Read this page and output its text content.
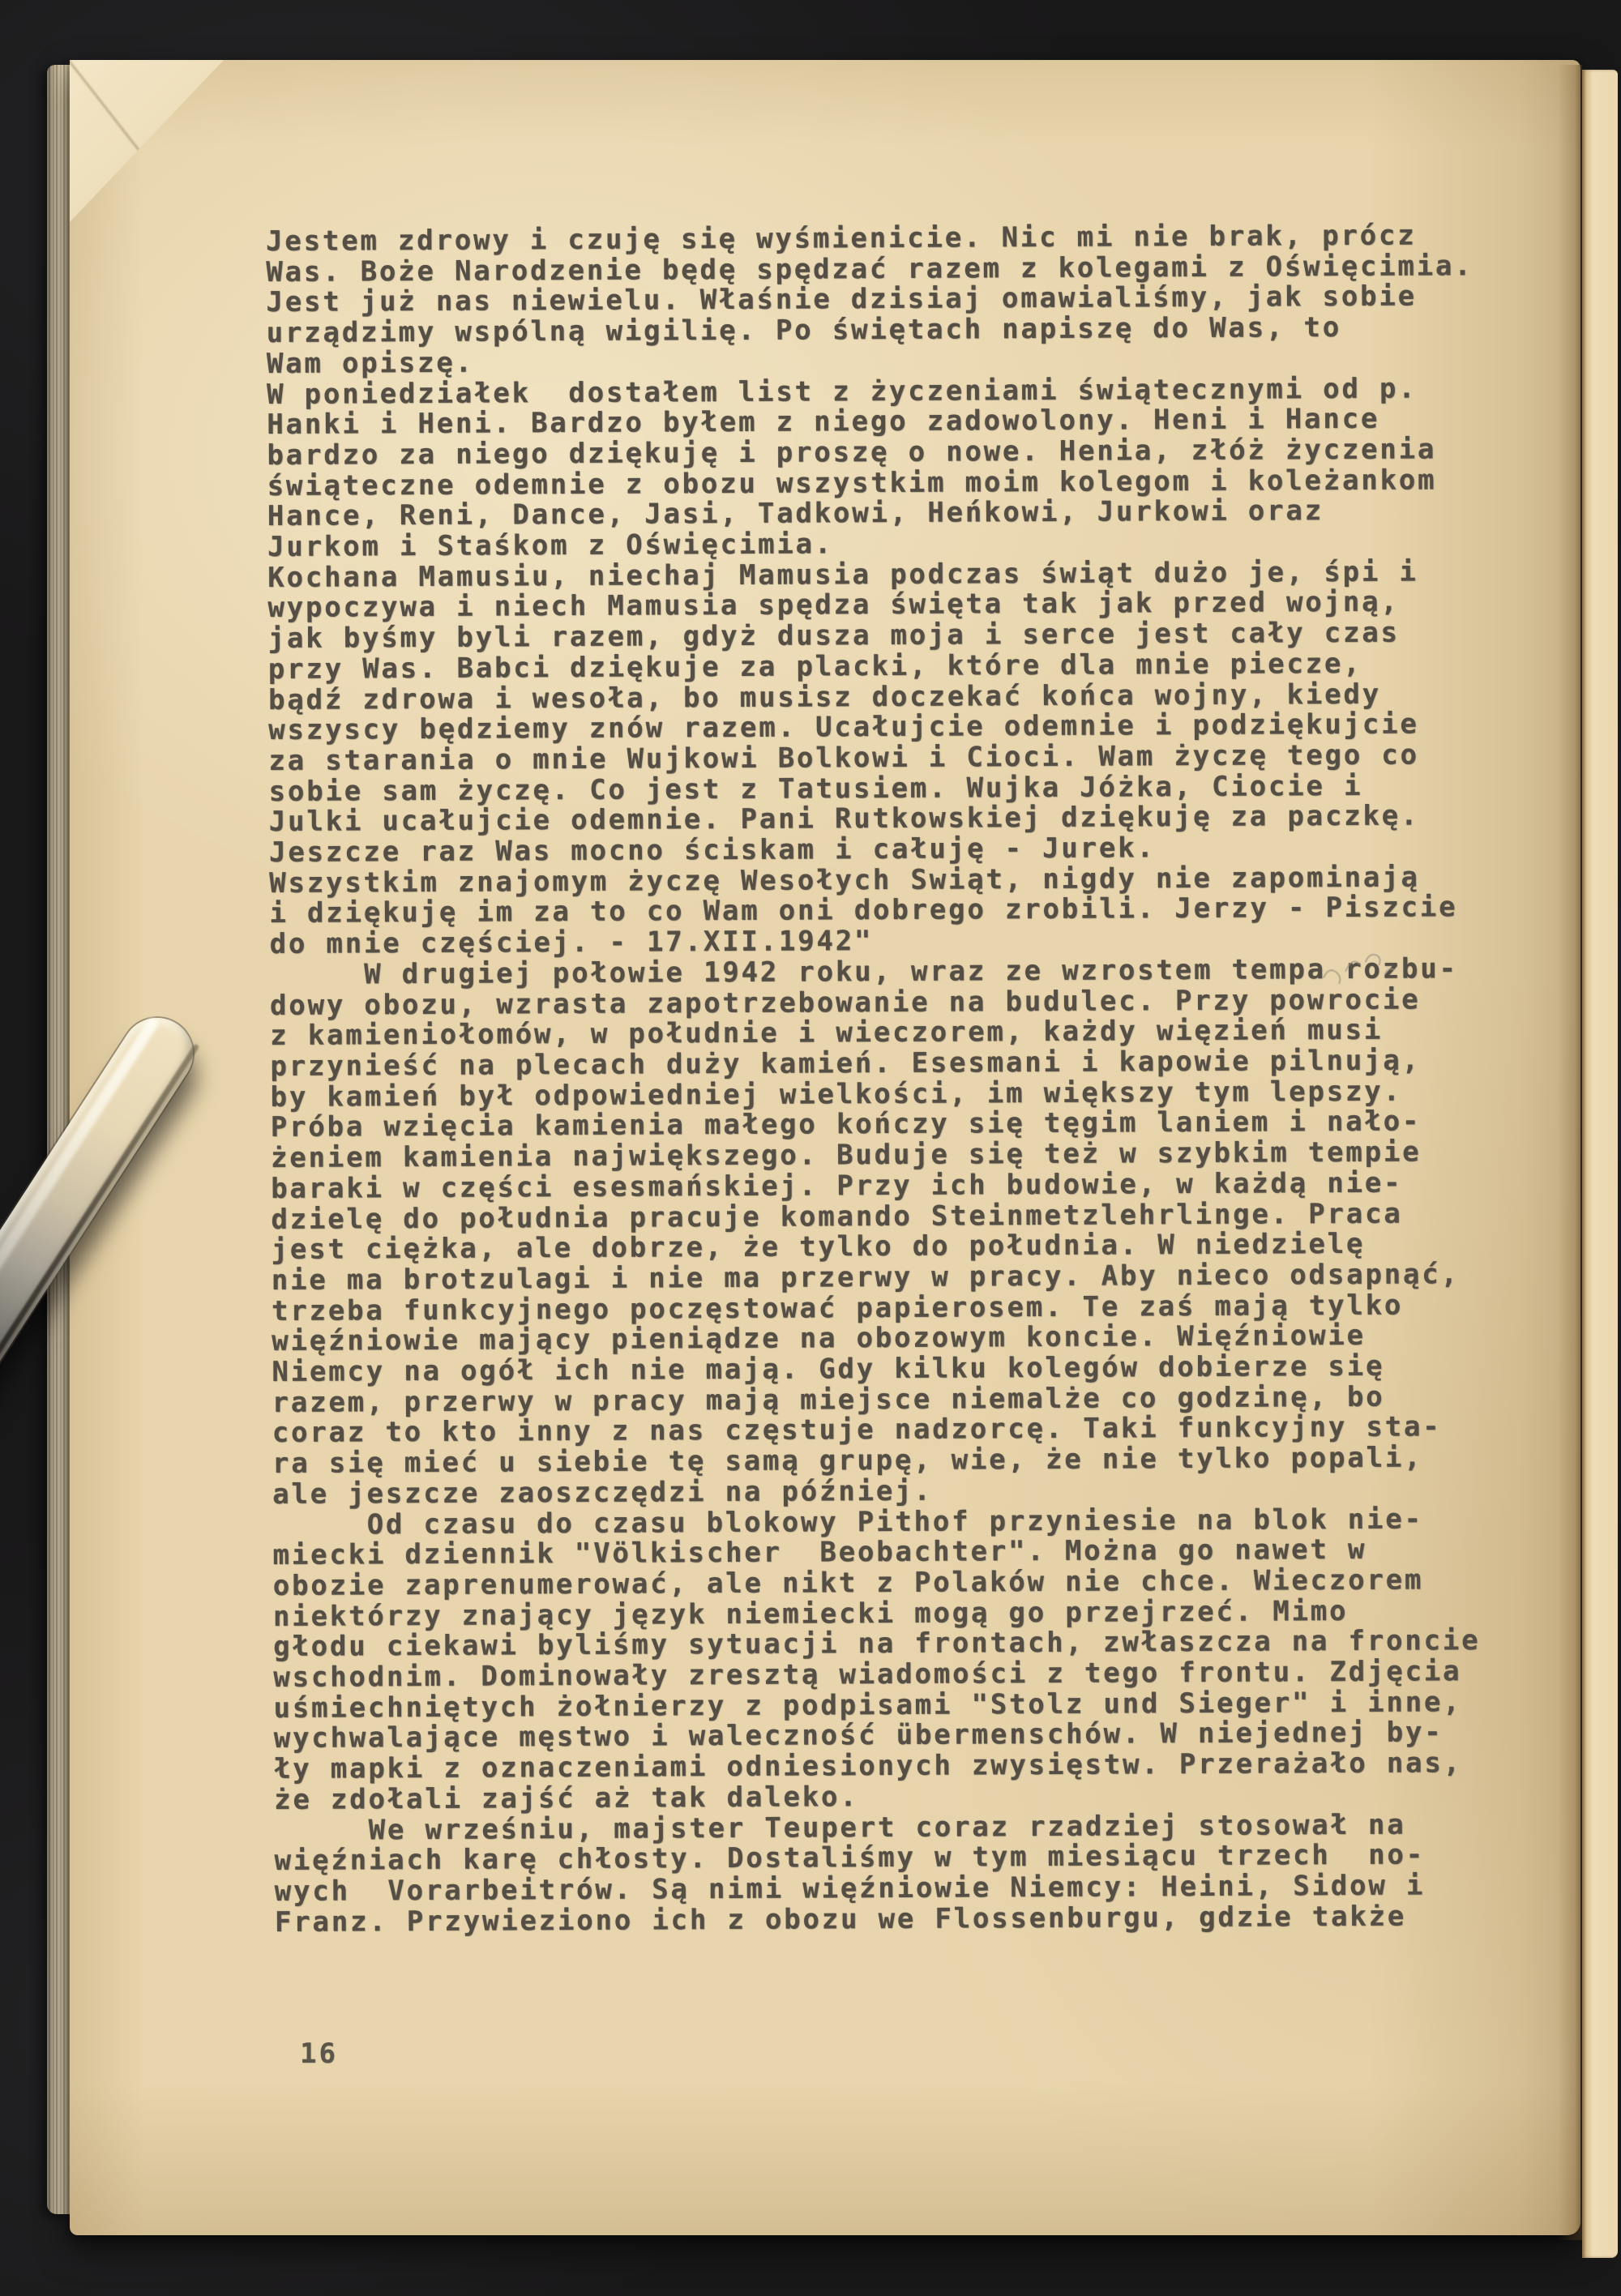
Jestem zdrowy i czuję się wyśmienicie. Nic mi nie brak, prócz
Was. Boże Narodzenie będę spędzać razem z kolegami z Oświęcimia.
Jest już nas niewielu. Właśnie dzisiaj omawialiśmy, jak sobie
urządzimy wspólną wigilię. Po świętach napiszę do Was, to
Wam opiszę.
W poniedziałek  dostałem list z życzeniami świątecznymi od p.
Hanki i Heni. Bardzo byłem z niego zadowolony. Heni i Hance
bardzo za niego dziękuję i proszę o nowe. Henia, złóż życzenia
świąteczne odemnie z obozu wszystkim moim kolegom i koleżankom
Hance, Reni, Dance, Jasi, Tadkowi, Heńkowi, Jurkowi oraz
Jurkom i Staśkom z Oświęcimia.
Kochana Mamusiu, niechaj Mamusia podczas świąt dużo je, śpi i
wypoczywa i niech Mamusia spędza święta tak jak przed wojną,
jak byśmy byli razem, gdyż dusza moja i serce jest cały czas
przy Was. Babci dziękuje za placki, które dla mnie piecze,
bądź zdrowa i wesoła, bo musisz doczekać końca wojny, kiedy
wszyscy będziemy znów razem. Ucałujcie odemnie i podziękujcie
za starania o mnie Wujkowi Bolkowi i Cioci. Wam życzę tego co
sobie sam życzę. Co jest z Tatusiem. Wujka Jóżka, Ciocie i
Julki ucałujcie odemnie. Pani Rutkowskiej dziękuję za paczkę.
Jeszcze raz Was mocno ściskam i całuję - Jurek.
Wszystkim znajomym życzę Wesołych Swiąt, nigdy nie zapominają
i dziękuję im za to co Wam oni dobrego zrobili. Jerzy - Piszcie
do mnie częściej. - 17.XII.1942"
W drugiej połowie 1942 roku, wraz ze wzrostem tempa rozbu-
dowy obozu, wzrasta zapotrzebowanie na budulec. Przy powrocie
z kamieniołomów, w południe i wieczorem, każdy więzień musi
przynieść na plecach duży kamień. Esesmani i kapowie pilnują,
by kamień był odpowiedniej wielkości, im większy tym lepszy.
Próba wzięcia kamienia małego kończy się tęgim laniem i nało-
żeniem kamienia największego. Buduje się też w szybkim tempie
baraki w części esesmańskiej. Przy ich budowie, w każdą nie-
dzielę do południa pracuje komando Steinmetzlehrlinge. Praca
jest ciężka, ale dobrze, że tylko do południa. W niedzielę
nie ma brotzulagi i nie ma przerwy w pracy. Aby nieco odsapnąć,
trzeba funkcyjnego poczęstować papierosem. Te zaś mają tylko
więźniowie mający pieniądze na obozowym koncie. Więźniowie
Niemcy na ogół ich nie mają. Gdy kilku kolegów dobierze się
razem, przerwy w pracy mają miejsce niemalże co godzinę, bo
coraz to kto inny z nas częstuje nadzorcę. Taki funkcyjny sta-
ra się mieć u siebie tę samą grupę, wie, że nie tylko popali,
ale jeszcze zaoszczędzi na później.
Od czasu do czasu blokowy Pithof przyniesie na blok nie-
miecki dziennik "Völkischer  Beobachter". Można go nawet w
obozie zaprenumerować, ale nikt z Polaków nie chce. Wieczorem
niektórzy znający język niemiecki mogą go przejrzeć. Mimo
głodu ciekawi byliśmy sytuacji na frontach, zwłaszcza na froncie
wschodnim. Dominowały zresztą wiadomości z tego frontu. Zdjęcia
uśmiechniętych żołnierzy z podpisami "Stolz und Sieger" i inne,
wychwalające męstwo i waleczność übermenschów. W niejednej by-
ły mapki z oznaczeniami odniesionych zwysięstw. Przerażało nas,
że zdołali zajść aż tak daleko.
We wrześniu, majster Teupert coraz rzadziej stosował na
więźniach karę chłosty. Dostaliśmy w tym miesiącu trzech  no-
wych  Vorarbeitrów. Są nimi więźniowie Niemcy: Heini, Sidow i
Franz. Przywieziono ich z obozu we Flossenburgu, gdzie także
16
